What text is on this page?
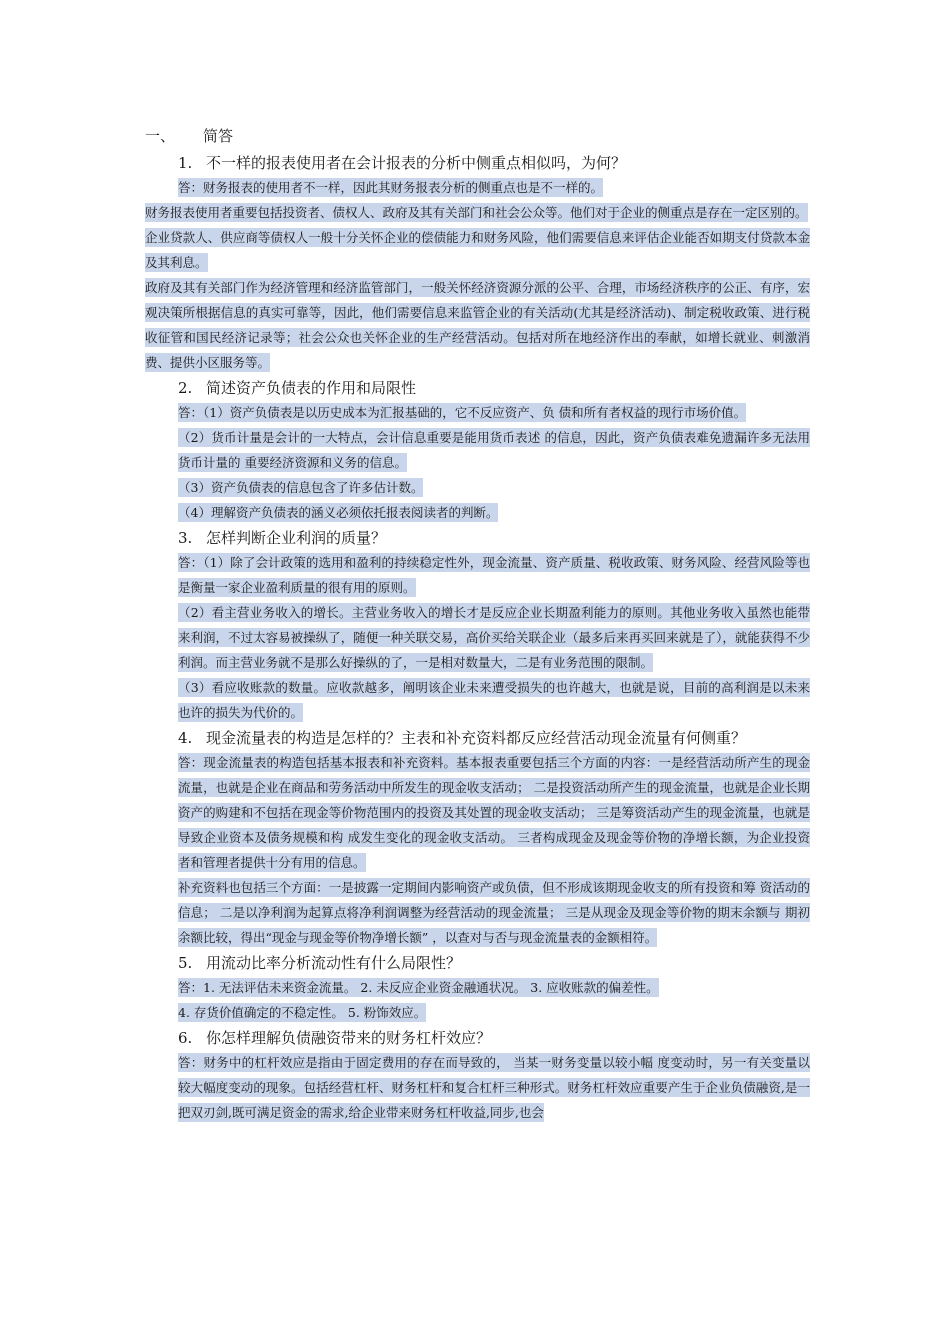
一、 简答
1. 不一样的报表使用者在会计报表的分析中侧重点相似吗，为何？
答：财务报表的使用者不一样，因此其财务报表分析的侧重点也是不一样的。
财务报表使用者重要包括投资者、债权人、政府及其有关部门和社会公众等。他们对于企业的侧重点是存在一定区别的。
企业贷款人、供应商等债权人一般十分关怀企业的偿债能力和财务风险，他们需要信息来评估企业能否如期支付贷款本金及其利息。
政府及其有关部门作为经济管理和经济监管部门，一般关怀经济资源分派的公平、合理，市场经济秩序的公正、有序，宏观决策所根据信息的真实可靠等，因此，他们需要信息来监管企业的有关活动(尤其是经济活动)、制定税收政策、进行税收征管和国民经济记录等；社会公众也关怀企业的生产经营活动。包括对所在地经济作出的奉献，如增长就业、刺激消费、提供小区服务等。
2. 简述资产负债表的作用和局限性
答：（1）资产负债表是以历史成本为汇报基础的，它不反应资产、负 债和所有者权益的现行市场价值。
（2）货币计量是会计的一大特点，会计信息重要是能用货币表述 的信息，因此，资产负债表难免遗漏许多无法用货币计量的 重要经济资源和义务的信息。
（3）资产负债表的信息包含了许多估计数。
（4）理解资产负债表的涵义必须依托报表阅读者的判断。
3. 怎样判断企业利润的质量？
答：（1）除了会计政策的选用和盈利的持续稳定性外，现金流量、资产质量、税收政策、财务风险、经营风险等也是衡量一家企业盈利质量的很有用的原则。
（2）看主营业务收入的增长。主营业务收入的增长才是反应企业长期盈利能力的原则。其他业务收入虽然也能带来利润，不过太容易被操纵了，随便一种关联交易，高价买给关联企业（最多后来再买回来就是了），就能获得不少利润。而主营业务就不是那么好操纵的了，一是相对数量大，二是有业务范围的限制。
（3）看应收账款的数量。应收款越多，阐明该企业未来遭受损失的也许越大，也就是说，目前的高利润是以未来也许的损失为代价的。
4. 现金流量表的构造是怎样的？主表和补充资料都反应经营活动现金流量有何侧重？
答：现金流量表的构造包括基本报表和补充资料。基本报表重要包括三个方面的内容：一是经营活动所产生的现金流量，也就是企业在商品和劳务活动中所发生的现金收支活动； 二是投资活动所产生的现金流量，也就是企业长期资产的购建和不包括在现金等价物范围内的投资及其处置的现金收支活动； 三是筹资活动产生的现金流量，也就是导致企业资本及债务规模和构 成发生变化的现金收支活动。 三者构成现金及现金等价物的净增长额，为企业投资者和管理者提供十分有用的信息。
补充资料也包括三个方面：一是披露一定期间内影响资产或负债，但不形成该期现金收支的所有投资和筹 资活动的信息； 二是以净利润为起算点将净利润调整为经营活动的现金流量； 三是从现金及现金等价物的期末余额与 期初余额比较，得出“现金与现金等价物净增长额” ，以查对与否与现金流量表的金额相符。
5. 用流动比率分析流动性有什么局限性？
答：1. 无法评估未来资金流量。 2. 未反应企业资金融通状况。 3. 应收账款的偏差性。
4. 存货价值确定的不稳定性。 5. 粉饰效应。
6. 你怎样理解负债融资带来的财务杠杆效应？
答：财务中的杠杆效应是指由于固定费用的存在而导致的， 当某一财务变量以较小幅 度变动时，另一有关变量以较大幅度变动的现象。包括经营杠杆、财务杠杆和复合杠杆三种形式。财务杠杆效应重要产生于企业负债融资,是一把双刃剑,既可满足资金的需求,给企业带来财务杠杆收益,同步,也会
